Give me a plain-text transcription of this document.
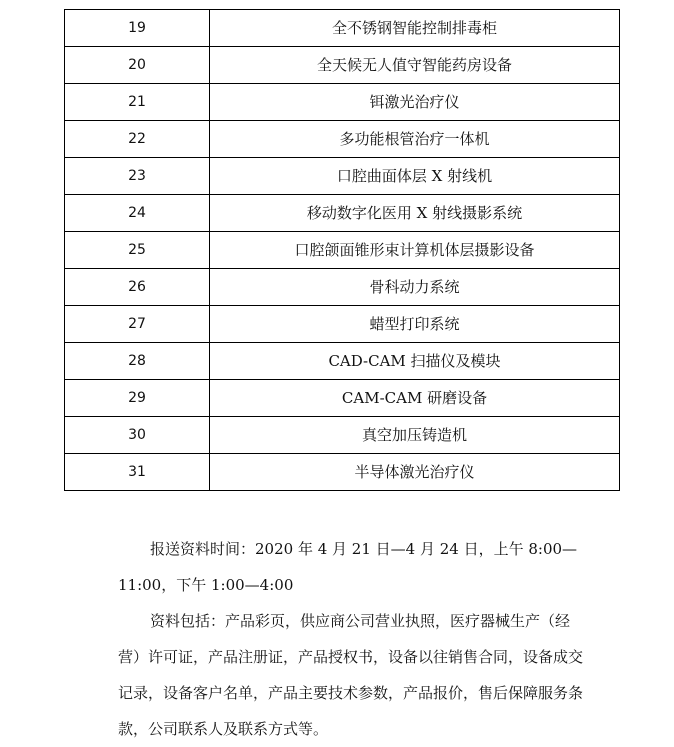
19	全不锈钢智能控制排毒柜
20	全天候无人值守智能药房设备
21	铒激光治疗仪
22	多功能根管治疗一体机
23	口腔曲面体层 X 射线机
24	移动数字化医用 X 射线摄影系统
25	口腔颌面锥形束计算机体层摄影设备
26	骨科动力系统
27	蜡型打印系统
28	CAD-CAM 扫描仪及模块
29	CAM-CAM 研磨设备
30	真空加压铸造机
31	半导体激光治疗仪

报送资料时间：2020 年 4 月 21 日—4 月 24 日，上午 8:00—11:00，下午 1:00—4:00

资料包括：产品彩页，供应商公司营业执照，医疗器械生产（经营）许可证，产品注册证，产品授权书，设备以往销售合同，设备成交记录，设备客户名单，产品主要技术参数，产品报价，售后保障服务条款，公司联系人及联系方式等。
